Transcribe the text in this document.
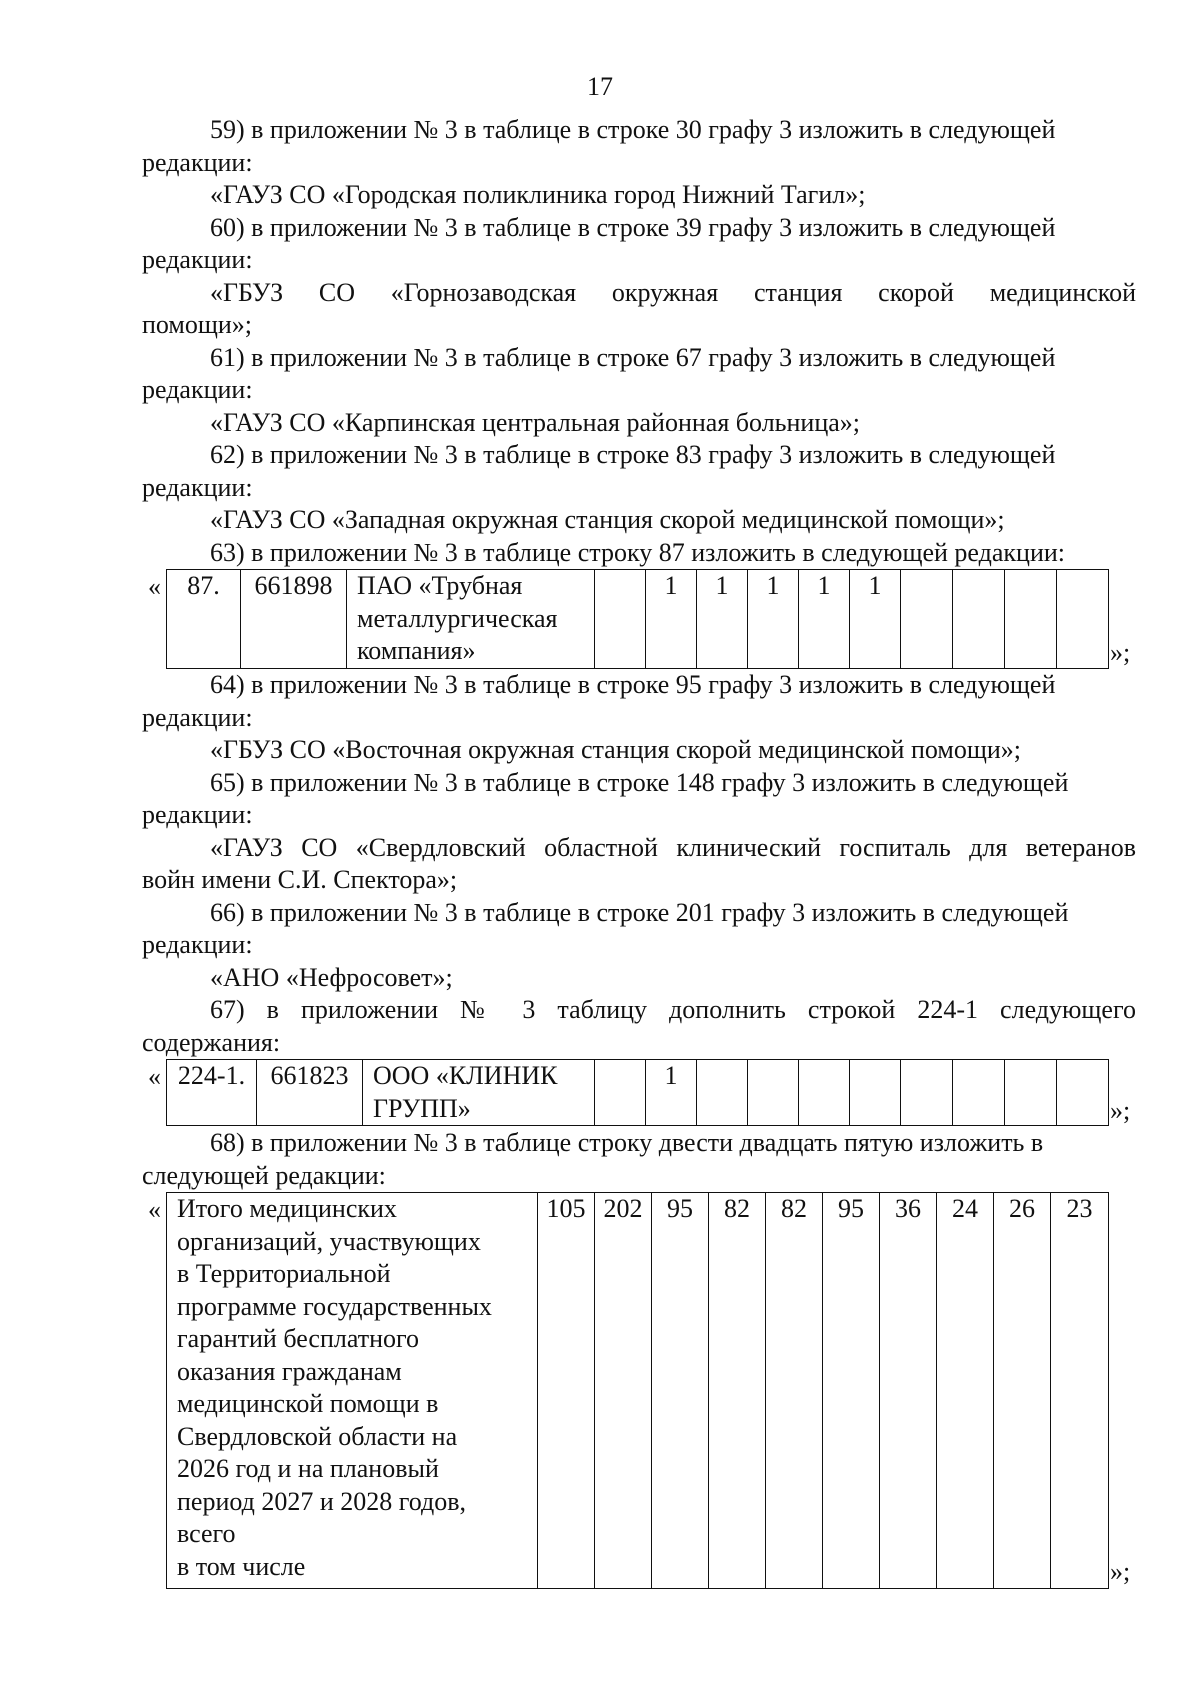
17

59) в приложении № 3 в таблице в строке 30 графу 3 изложить в следующей

редакции:

«ГАУЗ СО «Городская поликлиника город Нижний Тагил»;

60) в приложении № 3 в таблице в строке 39 графу 3 изложить в следующей

редакции:

«ГБУЗ СО «Горнозаводская окружная станция скорой медицинской

помощи»;

61) в приложении № 3 в таблице в строке 67 графу 3 изложить в следующей

редакции:

«ГАУЗ СО «Карпинская центральная районная больница»;

62) в приложении № 3 в таблице в строке 83 графу 3 изложить в следующей

редакции:

«ГАУЗ СО «Западная окружная станция скорой медицинской помощи»;

63) в приложении № 3 в таблице строку 87 изложить в следующей редакции:

« 87.	661898	ПАО «Трубная
металлургическая
компания»
		1	1	1	1	1				
»;

64) в приложении № 3 в таблице в строке 95 графу 3 изложить в следующей

редакции:

«ГБУЗ СО «Восточная окружная станция скорой медицинской помощи»;

65) в приложении № 3 в таблице в строке 148 графу 3 изложить в следующей

редакции:

«ГАУЗ СО «Свердловский областной клинический госпиталь для ветеранов

войн имени С.И. Спектора»;

66) в приложении № 3 в таблице в строке 201 графу 3 изложить в следующей

редакции:

«АНО «Нефросовет»;

67) в приложении № 3 таблицу дополнить строкой 224-1 следующего

содержания:

« 224-1.	661823	ООО «КЛИНИК
ГРУПП»
		1								
»;

68) в приложении № 3 в таблице строку двести двадцать пятую изложить в

следующей редакции:

« Итого медицинских
организаций, участвующих
в Территориальной
программе государственных
гарантий бесплатного
оказания гражданам
медицинской помощи в
Свердловской области на
2026 год и на плановый
период 2027 и 2028 годов,
всего
в том числе
	105	202	95	82	82	95	36	24	26	23
»;
